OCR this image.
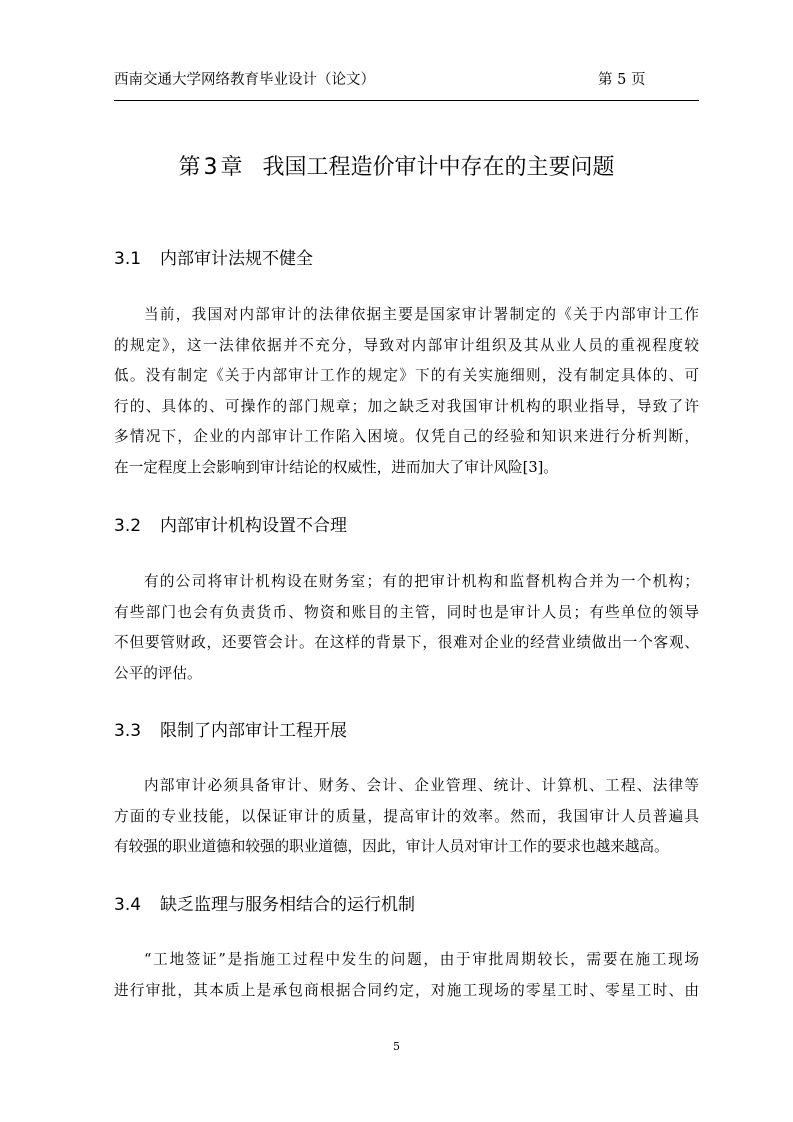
西南交通大学网络教育毕业设计（论文）	第 5 页
第 3 章 我国工程造价审计中存在的主要问题
3.1 内部审计法规不健全
当前，我国对内部审计的法律依据主要是国家审计署制定的《关于内部审计工作
的规定》，这一法律依据并不充分，导致对内部审计组织及其从业人员的重视程度较
低。没有制定《关于内部审计工作的规定》下的有关实施细则，没有制定具体的、可
行的、具体的、可操作的部门规章；加之缺乏对我国审计机构的职业指导，导致了许
多情况下，企业的内部审计工作陷入困境。仅凭自己的经验和知识来进行分析判断，
在一定程度上会影响到审计结论的权威性，进而加大了审计风险[3]。
3.2 内部审计机构设置不合理
有的公司将审计机构设在财务室；有的把审计机构和监督机构合并为一个机构；
有些部门也会有负责货币、物资和账目的主管，同时也是审计人员；有些单位的领导
不但要管财政，还要管会计。在这样的背景下，很难对企业的经营业绩做出一个客观、
公平的评估。
3.3 限制了内部审计工程开展
内部审计必须具备审计、财务、会计、企业管理、统计、计算机、工程、法律等
方面的专业技能，以保证审计的质量，提高审计的效率。然而，我国审计人员普遍具
有较强的职业道德和较强的职业道德，因此，审计人员对审计工作的要求也越来越高。
3.4 缺乏监理与服务相结合的运行机制
“工地签证”是指施工过程中发生的问题，由于审批周期较长，需要在施工现场
进行审批，其本质上是承包商根据合同约定，对施工现场的零星工时、零星工时、由
5
